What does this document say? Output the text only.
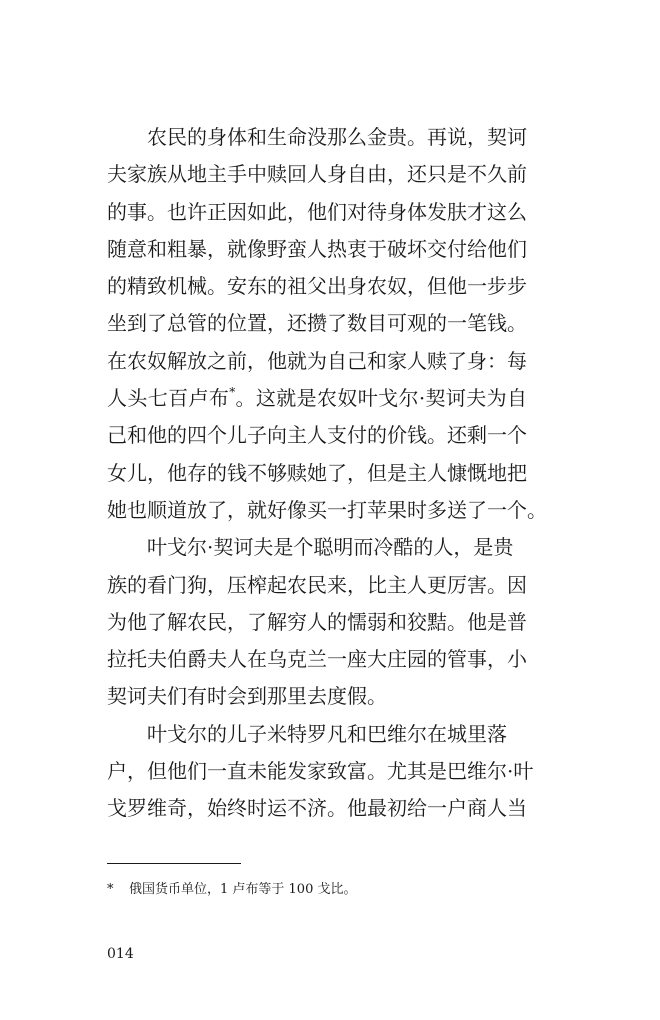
农民的身体和生命没那么金贵。再说，契诃
夫家族从地主手中赎回人身自由，还只是不久前
的事。也许正因如此，他们对待身体发肤才这么
随意和粗暴，就像野蛮人热衷于破坏交付给他们
的精致机械。安东的祖父出身农奴，但他一步步
坐到了总管的位置，还攒了数目可观的一笔钱。
在农奴解放之前，他就为自己和家人赎了身：每
人头七百卢布*。这就是农奴叶戈尔·契诃夫为自
己和他的四个儿子向主人支付的价钱。还剩一个
女儿，他存的钱不够赎她了，但是主人慷慨地把
她也顺道放了，就好像买一打苹果时多送了一个。
叶戈尔·契诃夫是个聪明而冷酷的人，是贵
族的看门狗，压榨起农民来，比主人更厉害。因
为他了解农民，了解穷人的懦弱和狡黠。他是普
拉托夫伯爵夫人在乌克兰一座大庄园的管事，小
契诃夫们有时会到那里去度假。
叶戈尔的儿子米特罗凡和巴维尔在城里落
户，但他们一直未能发家致富。尤其是巴维尔·叶
戈罗维奇，始终时运不济。他最初给一户商人当
* 俄国货币单位，1 卢布等于 100 戈比。
014
